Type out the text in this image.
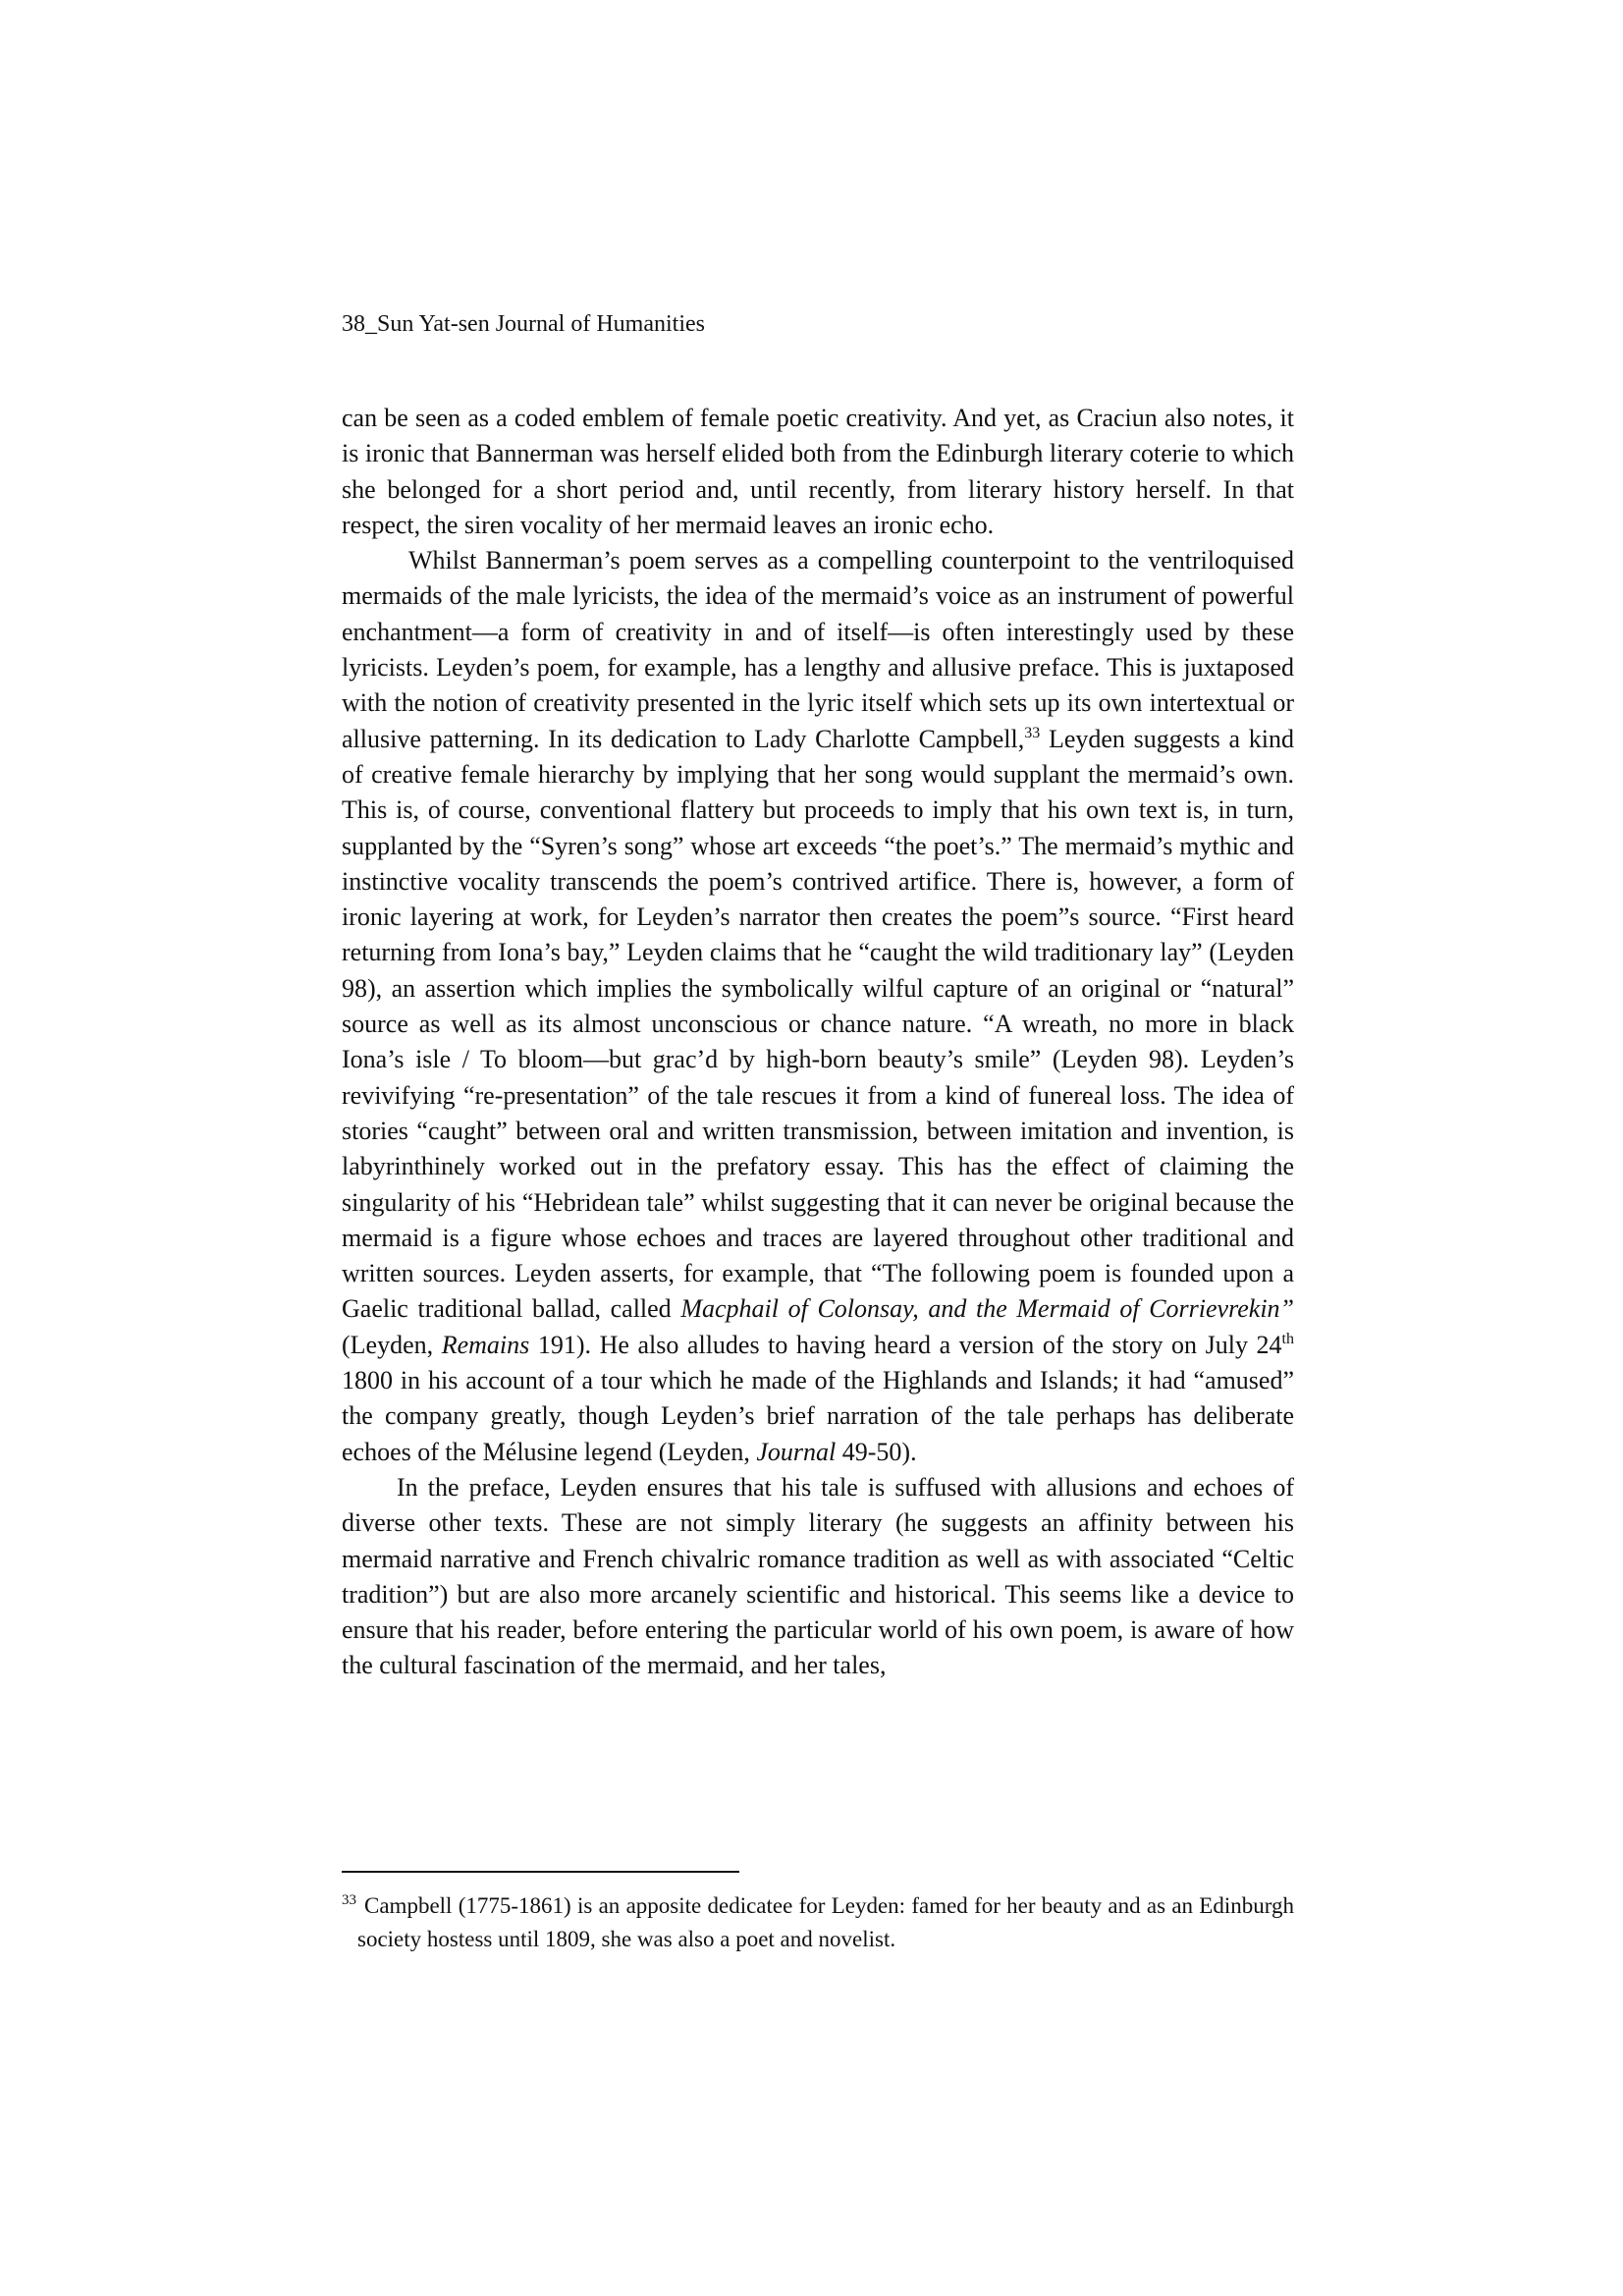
38_Sun Yat-sen Journal of Humanities

can be seen as a coded emblem of female poetic creativity. And yet, as Craciun also notes, it is ironic that Bannerman was herself elided both from the Edinburgh literary coterie to which she belonged for a short period and, until recently, from literary history herself. In that respect, the siren vocality of her mermaid leaves an ironic echo.

Whilst Bannerman’s poem serves as a compelling counterpoint to the ventriloquised mermaids of the male lyricists, the idea of the mermaid’s voice as an instrument of powerful enchantment—a form of creativity in and of itself—is often interestingly used by these lyricists. Leyden’s poem, for example, has a lengthy and allusive preface. This is juxtaposed with the notion of creativity presented in the lyric itself which sets up its own intertextual or allusive patterning. In its dedication to Lady Charlotte Campbell,$^{33}$ Leyden suggests a kind of creative female hierarchy by implying that her song would supplant the mermaid’s own. This is, of course, conventional flattery but proceeds to imply that his own text is, in turn, supplanted by the “Syren’s song” whose art exceeds “the poet’s.” The mermaid’s mythic and instinctive vocality transcends the poem’s contrived artifice. There is, however, a form of ironic layering at work, for Leyden’s narrator then creates the poem”s source. “First heard returning from Iona’s bay,” Leyden claims that he “caught the wild traditionary lay” (Leyden 98), an assertion which implies the symbolically wilful capture of an original or “natural” source as well as its almost unconscious or chance nature. “A wreath, no more in black Iona’s isle / To bloom—but grac’d by high-born beauty’s smile” (Leyden 98). Leyden’s revivifying “re-presentation” of the tale rescues it from a kind of funereal loss. The idea of stories “caught” between oral and written transmission, between imitation and invention, is labyrinthinely worked out in the prefatory essay. This has the effect of claiming the singularity of his “Hebridean tale” whilst suggesting that it can never be original because the mermaid is a figure whose echoes and traces are layered throughout other traditional and written sources. Leyden asserts, for example, that “The following poem is founded upon a Gaelic traditional ballad, called Macphail of Colonsay, and the Mermaid of Corrievrekin” (Leyden, Remains 191). He also alludes to having heard a version of the story on July 24th 1800 in his account of a tour which he made of the Highlands and Islands; it had “amused” the company greatly, though Leyden’s brief narration of the tale perhaps has deliberate echoes of the Mélusine legend (Leyden, Journal 49-50).

In the preface, Leyden ensures that his tale is suffused with allusions and echoes of diverse other texts. These are not simply literary (he suggests an affinity between his mermaid narrative and French chivalric romance tradition as well as with associated “Celtic tradition”) but are also more arcanely scientific and historical. This seems like a device to ensure that his reader, before entering the particular world of his own poem, is aware of how the cultural fascination of the mermaid, and her tales,

$^{33}$ Campbell (1775-1861) is an apposite dedicatee for Leyden: famed for her beauty and as an Edinburgh society hostess until 1809, she was also a poet and novelist.
